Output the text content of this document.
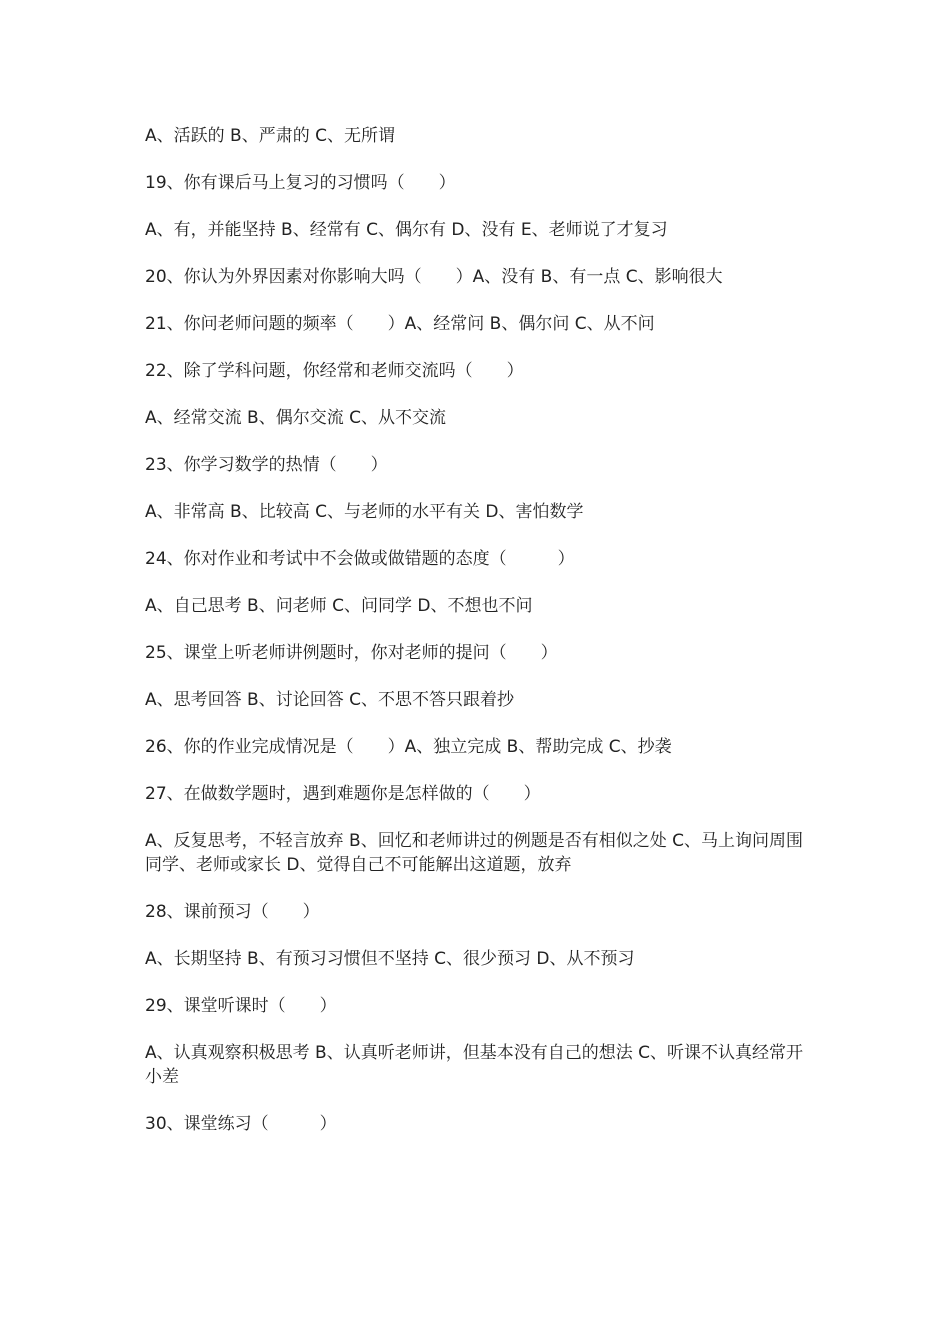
A、活跃的 B、严肃的 C、无所谓

19、你有课后马上复习的习惯吗（　　）

A、有，并能坚持 B、经常有 C、偶尔有 D、没有 E、老师说了才复习

20、你认为外界因素对你影响大吗（　　）A、没有 B、有一点 C、影响很大

21、你问老师问题的频率（　　）A、经常问 B、偶尔问 C、从不问

22、除了学科问题，你经常和老师交流吗（　　）

A、经常交流 B、偶尔交流 C、从不交流

23、你学习数学的热情（　　）

A、非常高 B、比较高 C、与老师的水平有关 D、害怕数学

24、你对作业和考试中不会做或做错题的态度（　　　）

A、自己思考 B、问老师 C、问同学 D、不想也不问

25、课堂上听老师讲例题时，你对老师的提问（　　）

A、思考回答 B、讨论回答 C、不思不答只跟着抄

26、你的作业完成情况是（　　）A、独立完成 B、帮助完成 C、抄袭

27、在做数学题时，遇到难题你是怎样做的（　　）

A、反复思考，不轻言放弃 B、回忆和老师讲过的例题是否有相似之处 C、马上询问周围同学、老师或家长 D、觉得自己不可能解出这道题，放弃

28、课前预习（　　）

A、长期坚持 B、有预习习惯但不坚持 C、很少预习 D、从不预习

29、课堂听课时（　　）

A、认真观察积极思考 B、认真听老师讲，但基本没有自己的想法 C、听课不认真经常开小差

30、课堂练习（　　　）
